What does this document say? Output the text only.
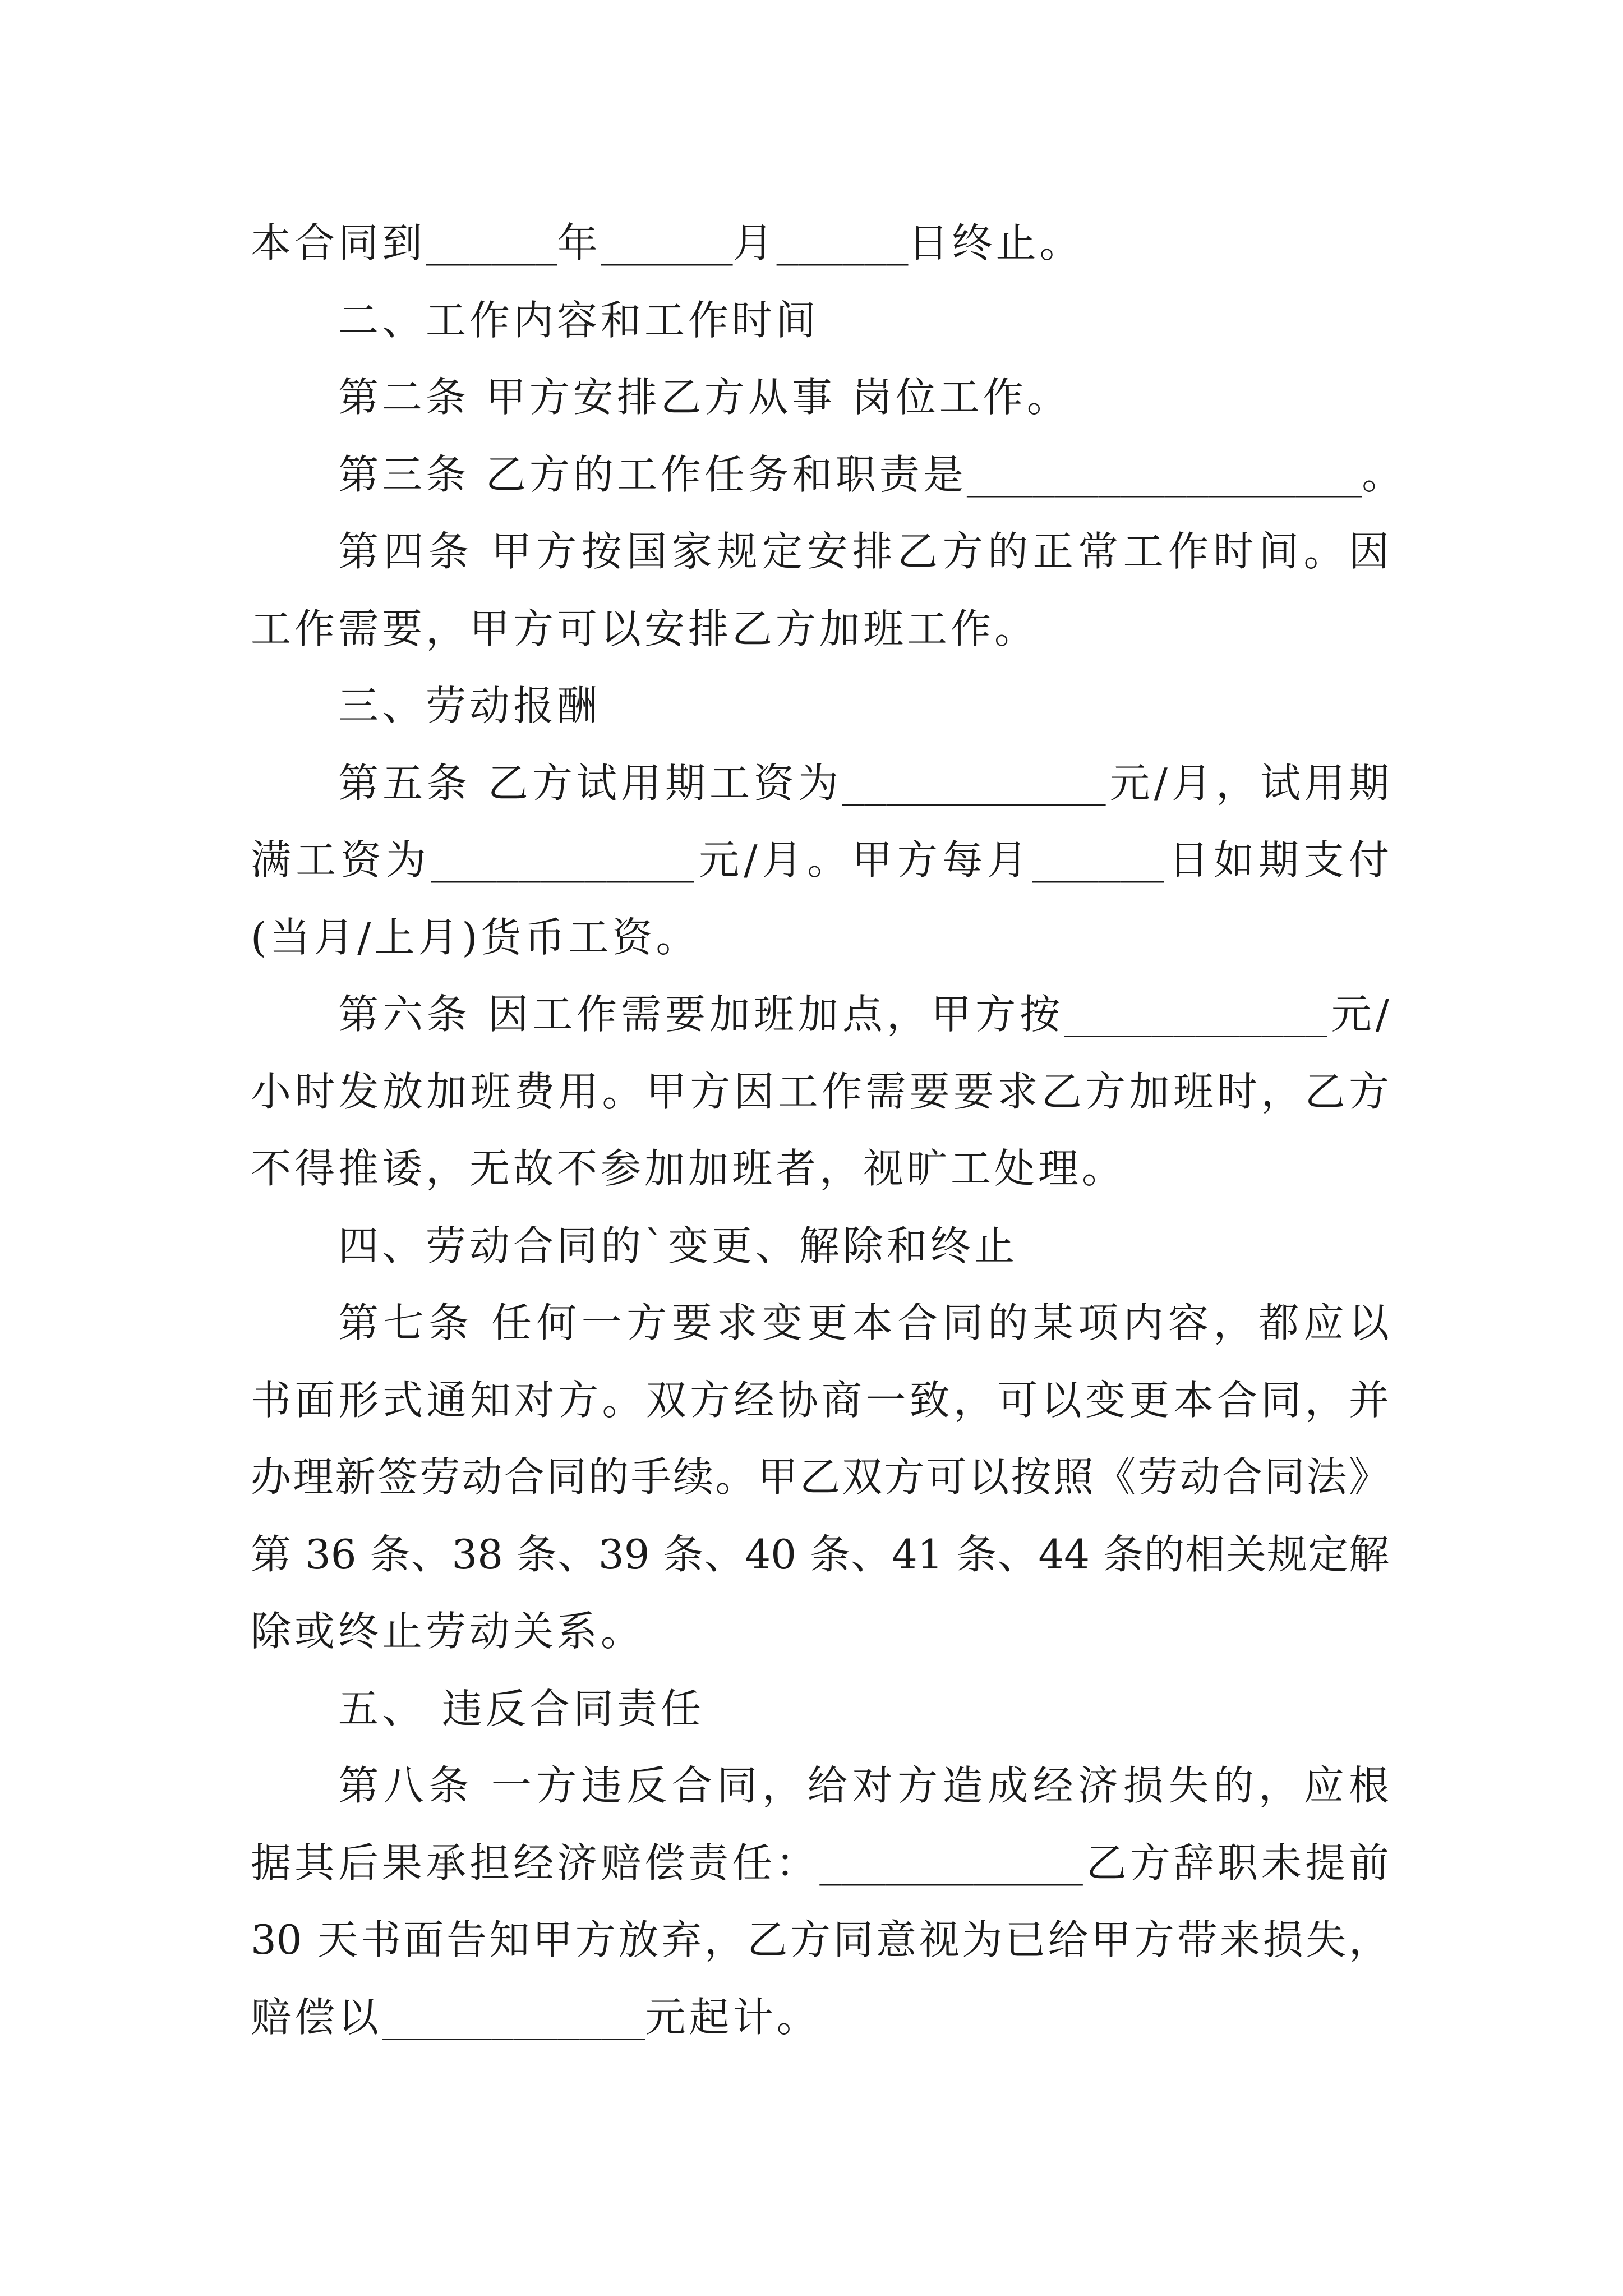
本合同到______年______月______日终止。
二、工作内容和工作时间
第二条 甲方安排乙方从事 岗位工作。
第三条 乙方的工作任务和职责是__________________。
第四条 甲方按国家规定安排乙方的正常工作时间。因
工作需要，甲方可以安排乙方加班工作。
三、劳动报酬
第五条 乙方试用期工资为____________元/月，试用期
满工资为____________元/月。甲方每月______日如期支付
(当月/上月)货币工资。
第六条 因工作需要加班加点，甲方按____________元/
小时发放加班费用。甲方因工作需要要求乙方加班时，乙方
不得推诿，无故不参加加班者，视旷工处理。
四、劳动合同的`变更、解除和终止
第七条 任何一方要求变更本合同的某项内容，都应以
书面形式通知对方。双方经协商一致，可以变更本合同，并
办理新签劳动合同的手续。甲乙双方可以按照《劳动合同法》
第 36 条、38 条、39 条、40 条、41 条、44 条的相关规定解
除或终止劳动关系。
五、 违反合同责任
第八条 一方违反合同，给对方造成经济损失的，应根
据其后果承担经济赔偿责任：____________乙方辞职未提前
30 天书面告知甲方放弃，乙方同意视为已给甲方带来损失，
赔偿以____________元起计。
